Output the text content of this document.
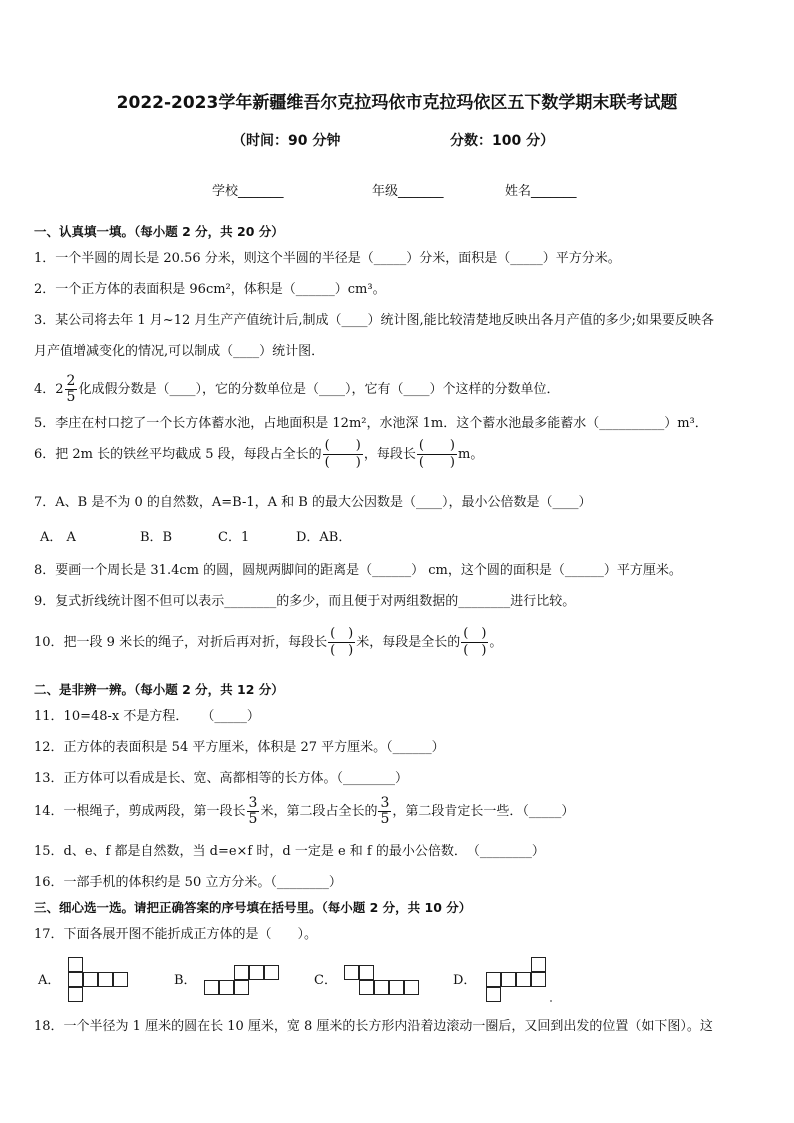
2022-2023学年新疆维吾尔克拉玛依市克拉玛依区五下数学期末联考试题
（时间：90 分钟	分数：100 分）
学校_______	年级_______	姓名_______
一、认真填一填。（每小题 2 分，共 20 分）
1．一个半圆的周长是 20.56 分米，则这个半圆的半径是（_____）分米，面积是（_____）平方分米。
2．一个正方体的表面积是 96cm²，体积是（______）cm³。
3．某公司将去年 1 月~12 月生产产值统计后,制成（____）统计图,能比较清楚地反映出各月产值的多少;如果要反映各
月产值增减变化的情况,可以制成（____）统计图．
4．$2 \frac{2}{5}$ 化成假分数是（____），它的分数单位是（____），它有（____）个这样的分数单位．
5．李庄在村口挖了一个长方体蓄水池，占地面积是 12m²，水池深 1m．这个蓄水池最多能蓄水（__________）m³．
6．把 2m 长的铁丝平均截成 5 段，每段占全长的 $\frac{( )}{( )}$ ，每段长 $\frac{( )}{( )}$ m。
7．A、B 是不为 0 的自然数，A=B-1，A 和 B 的最大公因数是（____），最小公倍数是（____）
A． A	B．B	C．1	D．AB．
8．要画一个周长是 31.4cm 的圆，圆规两脚间的距离是（______） cm，这个圆的面积是（______）平方厘米。
9．复式折线统计图不但可以表示________的多少，而且便于对两组数据的________进行比较。
10．把一段 9 米长的绳子，对折后再对折，每段长 $\frac{( )}{( )}$ 米，每段是全长的 $\frac{( )}{( )}$ 。
二、是非辨一辨。（每小题 2 分，共 12 分）
11．10=48-x 不是方程．　　（_____）
12．正方体的表面积是 54 平方厘米，体积是 27 平方厘米。（______）
13．正方体可以看成是长、宽、高都相等的长方体。（________）
14．一根绳子，剪成两段，第一段长 $\frac{3}{5}$ 米，第二段占全长的 $\frac{3}{5}$ ，第二段肯定长一些．（_____）
15．d、e、f 都是自然数，当 d=e×f 时，d 一定是 e 和 f 的最小公倍数．　（________）
16．一部手机的体积约是 50 立方分米。（________）
三、细心选一选。请把正确答案的序号填在括号里。（每小题 2 分，共 10 分）
17．下面各展开图不能折成正方体的是（　　）。
A．	B．	C．	D．
18．一个半径为 1 厘米的圆在长 10 厘米，宽 8 厘米的长方形内沿着边滚动一圈后，又回到出发的位置（如下图）。这
